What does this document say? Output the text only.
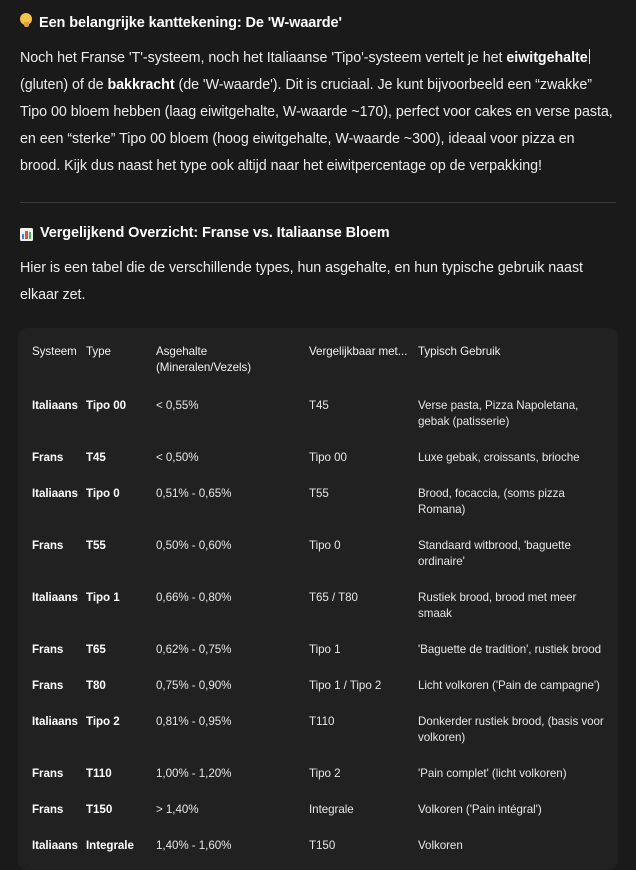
Een belangrijke kanttekening: De 'W-waarde'

Noch het Franse 'T'-systeem, noch het Italiaanse 'Tipo'-systeem vertelt je het eiwitgehalte (gluten) of de bakkracht (de 'W-waarde'). Dit is cruciaal. Je kunt bijvoorbeeld een “zwakke” Tipo 00 bloem hebben (laag eiwitgehalte, W-waarde ~170), perfect voor cakes en verse pasta, en een “sterke” Tipo 00 bloem (hoog eiwitgehalte, W-waarde ~300), ideaal voor pizza en brood. Kijk dus naast het type ook altijd naar het eiwitpercentage op de verpakking!

Vergelijkend Overzicht: Franse vs. Italiaanse Bloem

Hier is een tabel die de verschillende types, hun asgehalte, en hun typische gebruik naast elkaar zet.

Systeem	Type	Asgehalte (Mineralen/Vezels)	Vergelijkbaar met...	Typisch Gebruik
Italiaans	Tipo 00	< 0,55%	T45	Verse pasta, Pizza Napoletana, gebak (patisserie)
Frans	T45	< 0,50%	Tipo 00	Luxe gebak, croissants, brioche
Italiaans	Tipo 0	0,51% - 0,65%	T55	Brood, focaccia, (soms pizza Romana)
Frans	T55	0,50% - 0,60%	Tipo 0	Standaard witbrood, 'baguette ordinaire'
Italiaans	Tipo 1	0,66% - 0,80%	T65 / T80	Rustiek brood, brood met meer smaak
Frans	T65	0,62% - 0,75%	Tipo 1	'Baguette de tradition', rustiek brood
Frans	T80	0,75% - 0,90%	Tipo 1 / Tipo 2	Licht volkoren ('Pain de campagne')
Italiaans	Tipo 2	0,81% - 0,95%	T110	Donkerder rustiek brood, (basis voor volkoren)
Frans	T110	1,00% - 1,20%	Tipo 2	'Pain complet' (licht volkoren)
Frans	T150	> 1,40%	Integrale	Volkoren ('Pain intégral')
Italiaans	Integrale	1,40% - 1,60%	T150	Volkoren
